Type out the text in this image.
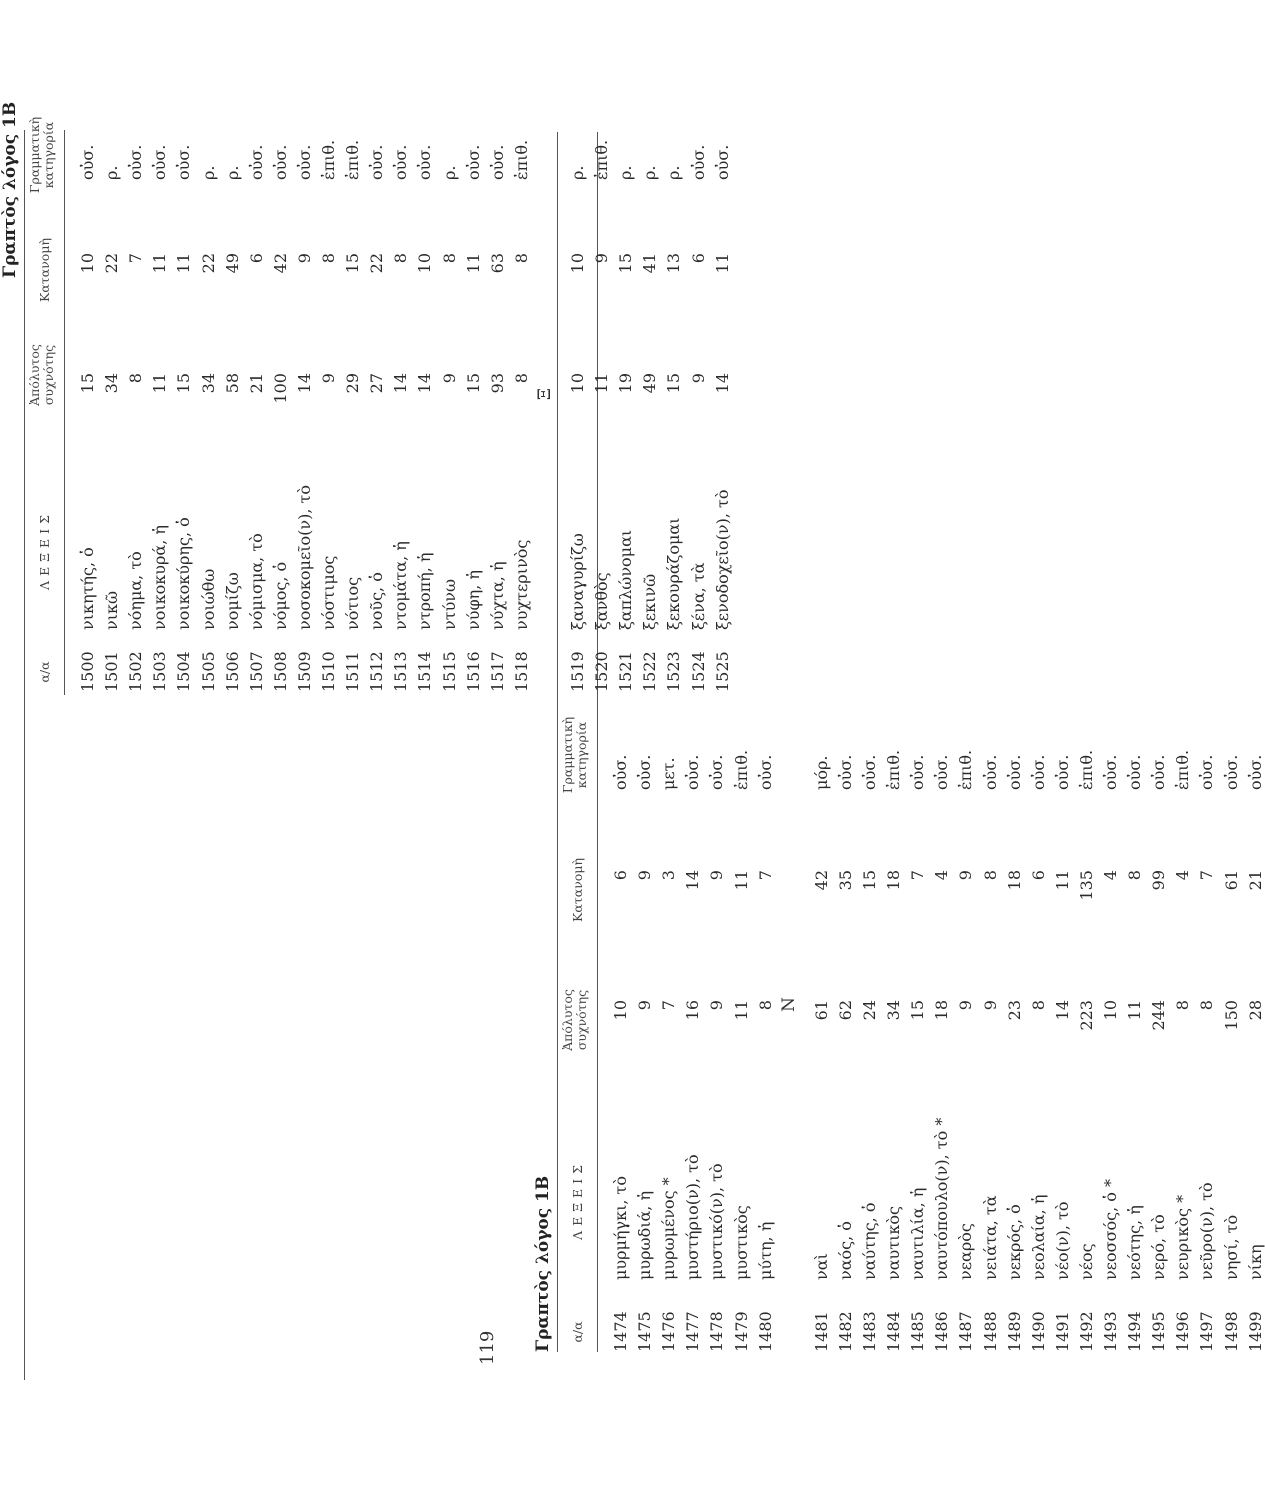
119 Γραπτὸς λόγος 1Β α/α
ΛΕΞΕΙΣ
Ἀπόλυτος συχνότης
Κατανομὴ
Γραμματικὴ κατηγορία
1474
μυρμήγκι, τὸ
10
6
οὐσ.
1475
μυρωδιά, ἡ
9
9
οὐσ.
1476
μυρωμένος *
7
3
μετ.
1477
μυστήριο(ν), τὸ
16
14
οὐσ.
1478
μυστικό(ν), τὸ
9
9
οὐσ.
1479
μυστικὸς
11
11
ἐπιθ.
1480
μύτη, ἡ
8
7
οὐσ.
Ν
1481
ναὶ
61
42
μόρ.
1482
ναός, ὁ
62
35
οὐσ.
1483
ναύτης, ὁ
24
15
οὐσ.
1484
ναυτικὸς
34
18
ἐπιθ.
1485
ναυτιλία, ἡ
15
7
οὐσ.
1486
ναυτόπουλο(ν), τὸ *
18
4
οὐσ.
1487
νεαρὸς
9
9
ἐπιθ.
1488
νειάτα, τὰ
9
8
οὐσ.
1489
νεκρός, ὁ
23
18
οὐσ.
1490
νεολαία, ἡ
8
6
οὐσ.
1491
νέο(ν), τὸ
14
11
οὐσ.
1492
νέος
223
135
ἐπιθ.
1493
νεοσσός, ὁ *
10
4
οὐσ.
1494
νεότης, ἡ
11
8
οὐσ.
1495
νερό, τὸ
244
99
οὐσ.
1496
νευρικὸς *
8
4
ἐπιθ.
1497
νεῦρο(ν), τὸ
8
7
οὐσ.
1498
νησί, τὸ
150
61
οὐσ.
1499
νίκη
28
21
οὐσ.
Γραπτὸς λόγος 1Β
α/α
ΛΕΞΕΙΣ
Ἀπόλυτος συχνότης
Κατανομὴ
Γραμματικὴ κατηγορία
1500
νικητής, ὁ
15
10
οὐσ.
1501
νικῶ
34
22
ρ.
1502
νόημα, τὸ
8
7
οὐσ.
1503
νοικοκυρά, ἡ
11
11
οὐσ.
1504
νοικοκύρης, ὁ
15
11
οὐσ.
1505
νοιώθω
34
22
ρ.
1506
νομίζω
58
49
ρ.
1507
νόμισμα, τὸ
21
6
οὐσ.
1508
νόμος, ὁ
100
42
οὐσ.
1509
νοσοκομεῖο(ν), τὸ
14
9
οὐσ.
1510
νόστιμος
9
8
ἐπιθ.
1511
νότιος
29
15
ἐπιθ.
1512
νοῦς, ὁ
27
22
οὐσ.
1513
ντομάτα, ἡ
14
8
οὐσ.
1514
ντροπή, ἡ
14
10
οὐσ.
1515
ντύνω
9
8
ρ.
1516
νύφη, ἡ
15
11
οὐσ.
1517
νύχτα, ἡ
93
63
οὐσ.
1518
νυχτερινὸς
8
8
ἐπιθ.
Ξ
1519
ξαναγυρίζω
10
10
ρ.
1520
ξανθὸς
11
9
ἐπιθ.
1521
ξαπλώνομαι
19
15
ρ.
1522
ξεκινῶ
49
41
ρ.
1523
ξεκουράζομαι
15
13
ρ.
1524
ξένα, τὰ
9
6
οὐσ.
1525
ξενοδοχεῖο(ν), τὸ
14
11
οὐσ.
